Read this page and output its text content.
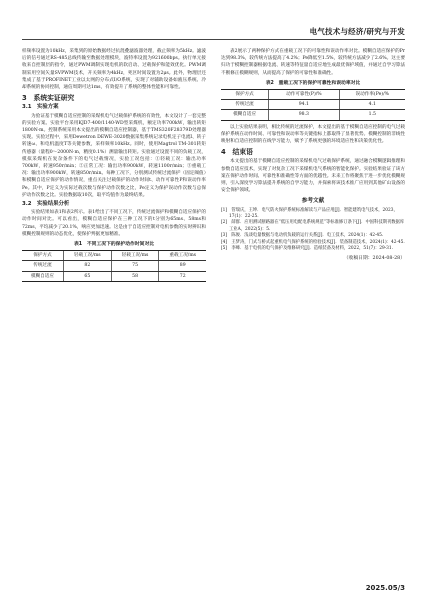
电气技术与经济/研究与开发

样频率设置为10kHz，采集到的原始数据经过抗混叠滤波器处理，截止频率为5kHz。滤波后的信号通过RS-485总线传输至数据处理模块，波特率设置为921600bps。执行单元接收来自控制层的指令，通过PWM调制实现电机的软启动、过载保护和能效优化。PWM调制采用空间矢量SVPWM技术，开关频率为4kHz，死区时间设置为2μs。此外，物理层还集成了基于PROFINET工业以太网的分布式I/O系统，实现了对辅助设备如液压系统、冷却系统的协同控制，通信周期可达1ms，有效提升了系统的整体性能和可靠性。

3　系统实证研究
3.1　实验方案

为验证基于模糊自适应控制的采煤机电气过载保护系统的有效性，本文设计了一套完整的实验方案。实验平台采用KJD7-400/1140-WD型采煤机，额定功率700kW，输出转矩1800N·m。控制系统采用本文提出的模糊自适应控制器，基于TMS320F28379D处理器实现。实验过程中，采用Dewetron DEWE-3020数据采集系统记录电机定子电流I、转子转速ω、和电机温度T等关键参数，采样频率10kHz。同时，使用Magtrol TM-301转矩传感器（量程0～2000N·m，精度0.1%）测量输出转矩。实验通过设置不同的负载工况，模拟采煤机在复杂条件下的电气过载情况，实验工况包括：①轻载工况：输出功率700kW，转速950r/min；②正常工况：输出功率900kW，转速1100r/min；③重载工况：输出功率900kW，转速850r/min。每种工况下，分别测试传统过流保护（固定阈值）和模糊自适应保护的动作情况，重点关注过载保护的动作时间t、动作可靠性P和误动作率Pe。其中，P定义为实际过载次数与保护动作次数之比，Pe定义为保护误动作次数与总保护动作次数之比。实验数据取10次，取平均值作为最终结果。

3.2　实验结果分析

实验结果如表1和表2所示。表1给出了不同工况下，传统过流保护和模糊自适应保护的动作时间对比。可以看出，模糊自适应保护在三种工况下的t分别为65ms、58ms和72ms，平均减少了20.1%，响应更加迅速。这是由于自适应控制对电机参数的实时辨识和模糊控制规则的动态优化，使保护判据更加精准。

表1　不同工况下的保护动作时间对比
保护方式	轻载工况/ms	轻载工况/ms	重载工况/ms
传统过流	82	75	89
模糊自适应	65	58	72

表2展示了两种保护方式在重载工况下的可靠性和误动作率对比。模糊自适应保护的Pr达到98.3%，较传统方法提高了4.2%；Pe降低至1.5%，较传统方法减少了2.6%。这主要归功于模糊控制器根据电流、转速等特征量自适应地生成最优保护域值，并通过自学习算法不断修正模糊规则，从而提高了保护的可靠性和准确性。

表2　重载工况下的保护可靠性和误动率对比
保护方式	动作可靠性(P)/%	误动作率(Pe)/%
传统过流	94.1	4.1
模糊自适应	98.3	1.5

以上实验结果表明，相比传统的过流保护，本文提出的基于模糊自适应控制的电气过载保护系统在动作时间、可靠性和误动率等关键指标上都取得了显著优势。模糊控制的非线性映射和自适应控制的在线学习能力，赋予了系统更强的环境适应性和决策优化性。

4　结束语

本文提出的基于模糊自适应控制的采煤机电气过载保护系统，通过融合模糊逻辑推理和参数自适应技术，实现了对复杂工况下采煤机电气系统的智能化保护。实验结果验证了该方案在保护动作时间、可靠性和准确性等方面的优越性。未来工作将聚焦于进一步优化模糊规则，引入深度学习算法提升系统的自学习能力，并探索将该技术推广应用到其他矿山设备的安全保护领域。

参考文献

[1]　管瑞庆，王坤．电气防火保护系统标准解读与产品应用[J]．智能建筑电气技术，2023，17(1)：22-25.

[2]　薛群．应用测试断路器在“低压用电配电系统规范”等标准修订条下[J]．中国科技期刊数据库工业A，2022(5)：5.

[3]　陈俊．浅谈电量数据与电动机负载的运行关系[J]．电工技术，2024(1)：42-45.

[4]　王梦涛，门式与桥式起重机电气保护系统的检验技术[J]．装备制造技术，2024(1)：42-45.

[5]　李峰．基于电机的电气保护及维修研究[J]．造纸装备及材料，2022，51(7)：29-31.

（收稿日期：2024-08-28）
2025.05/3
